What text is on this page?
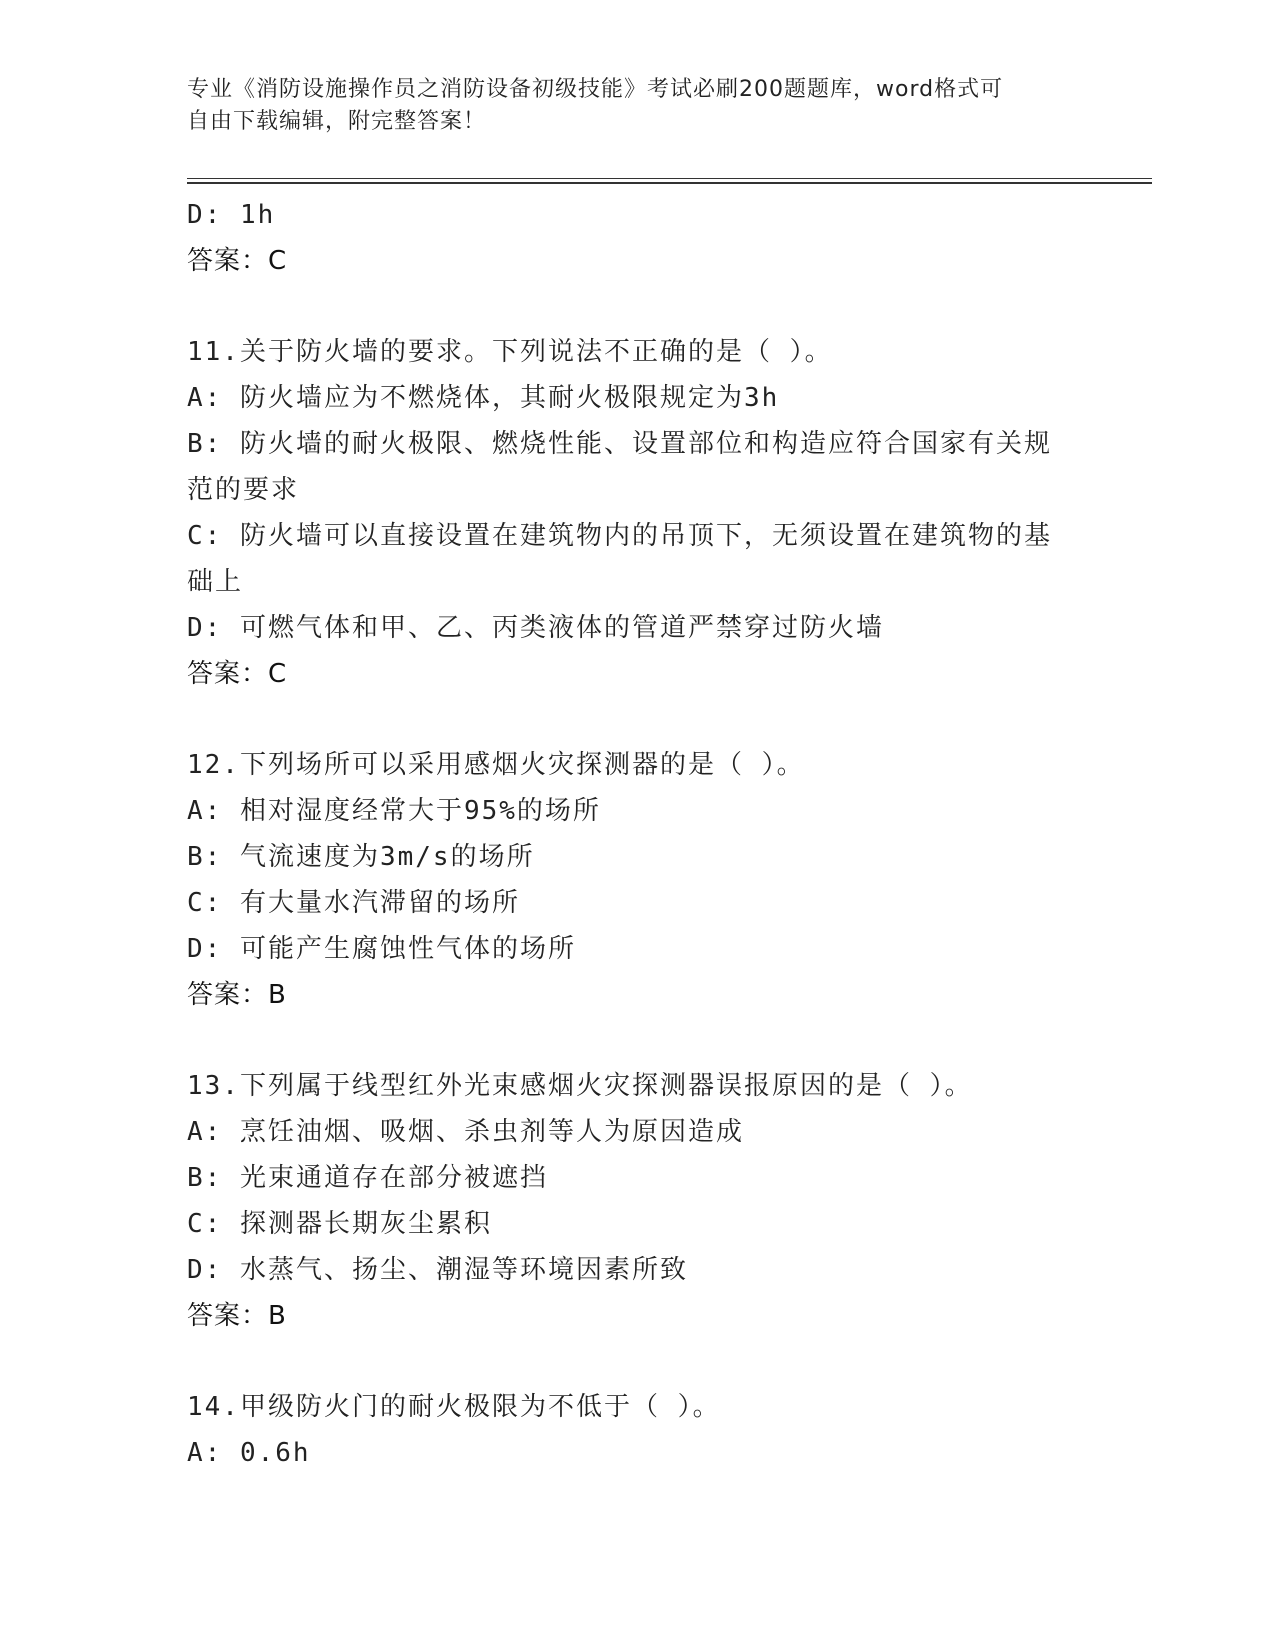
专业《消防设施操作员之消防设备初级技能》考试必刷200题题库，word格式可
自由下载编辑，附完整答案！
D: 1h
答案：C
11.关于防火墙的要求。下列说法不正确的是（ ）。
A: 防火墙应为不燃烧体，其耐火极限规定为3h
B: 防火墙的耐火极限、燃烧性能、设置部位和构造应符合国家有关规
范的要求
C: 防火墙可以直接设置在建筑物内的吊顶下，无须设置在建筑物的基
础上
D: 可燃气体和甲、乙、丙类液体的管道严禁穿过防火墙
答案：C
12.下列场所可以采用感烟火灾探测器的是（ ）。
A: 相对湿度经常大于95%的场所
B: 气流速度为3m/s的场所
C: 有大量水汽滞留的场所
D: 可能产生腐蚀性气体的场所
答案：B
13.下列属于线型红外光束感烟火灾探测器误报原因的是（ ）。
A: 烹饪油烟、吸烟、杀虫剂等人为原因造成
B: 光束通道存在部分被遮挡
C: 探测器长期灰尘累积
D: 水蒸气、扬尘、潮湿等环境因素所致
答案：B
14.甲级防火门的耐火极限为不低于（ ）。
A: 0.6h
